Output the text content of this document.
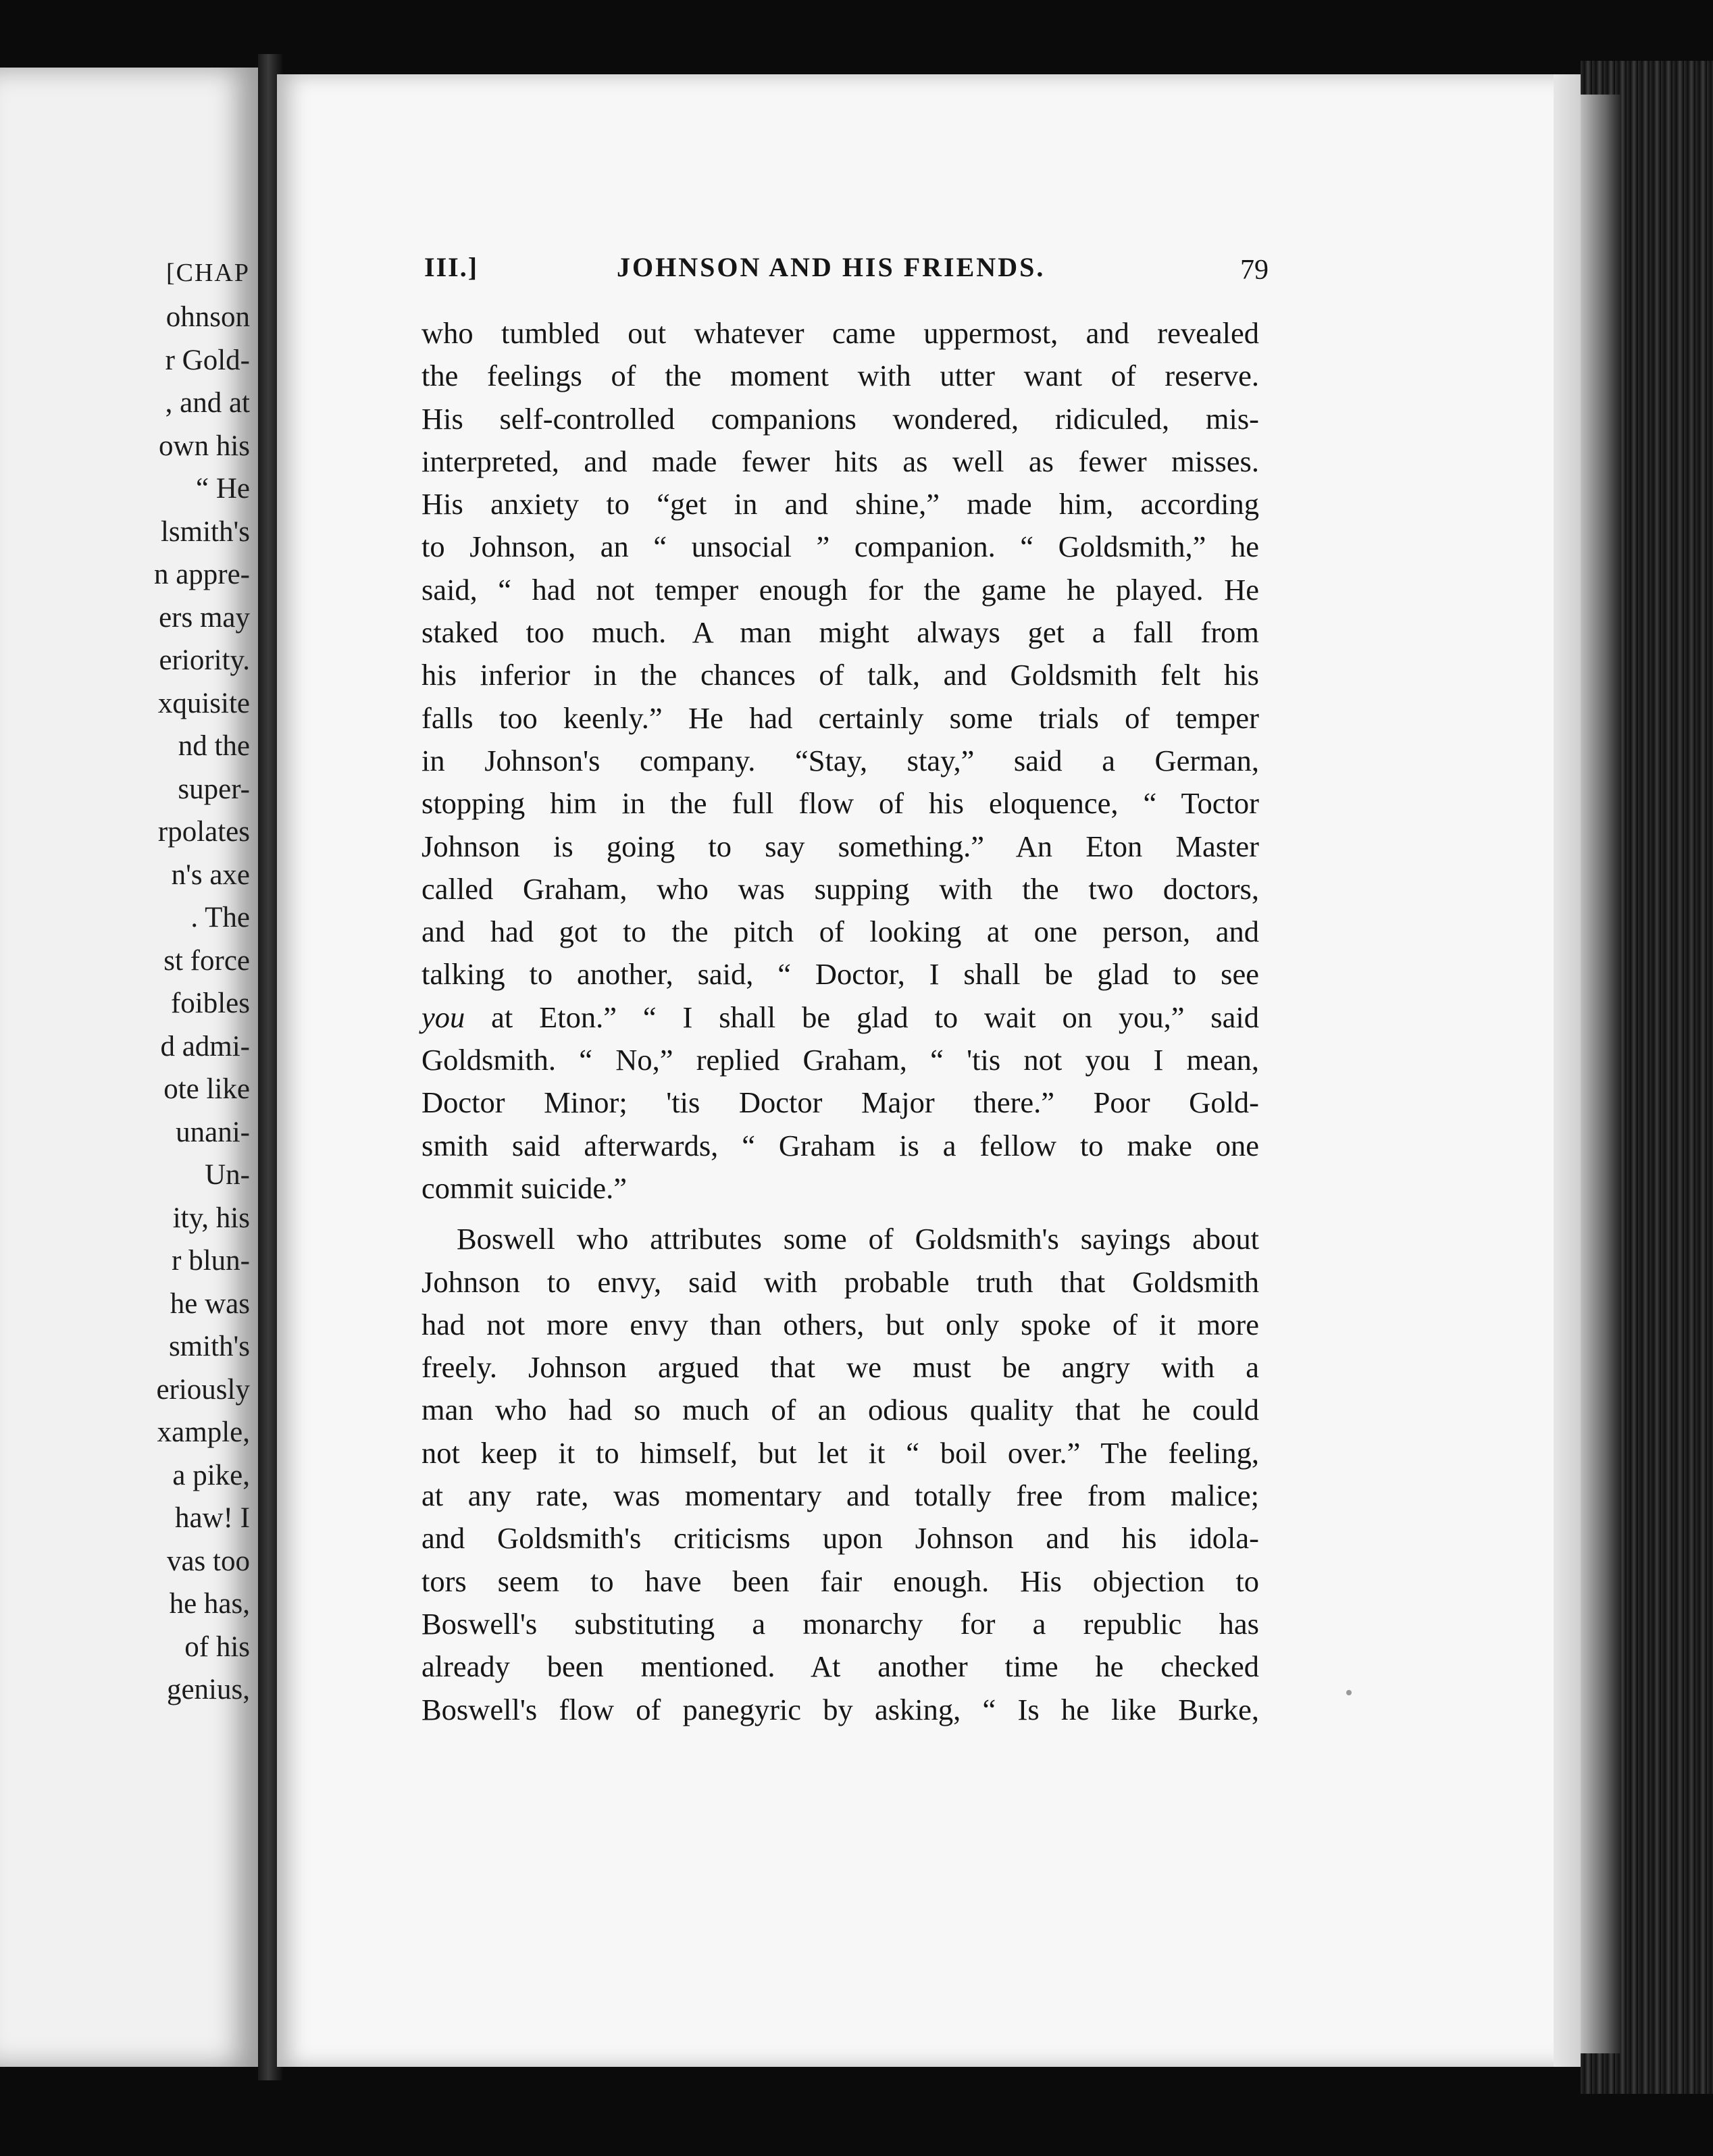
[CHAP
ohnson
r Gold-
, and at
own his
“ He
lsmith's
n appre-
ers may
eriority.
xquisite
nd the
super-
rpolates
n's axe
. The
st force
foibles
d admi-
ote like
unani-
Un-
ity, his
r blun-
he was
smith's
eriously
xample,
a pike,
haw! I
vas too
he has,
of his
genius,
III.]	JOHNSON AND HIS FRIENDS.	79
who tumbled out whatever came uppermost, and revealed
the feelings of the moment with utter want of reserve.
His self-controlled companions wondered, ridiculed, mis-
interpreted, and made fewer hits as well as fewer misses.
His anxiety to “get in and shine,” made him, according
to Johnson, an “ unsocial ” companion. “ Goldsmith,” he
said, “ had not temper enough for the game he played. He
staked too much. A man might always get a fall from
his inferior in the chances of talk, and Goldsmith felt his
falls too keenly.” He had certainly some trials of temper
in Johnson's company. “Stay, stay,” said a German,
stopping him in the full flow of his eloquence, “ Toctor
Johnson is going to say something.” An Eton Master
called Graham, who was supping with the two doctors,
and had got to the pitch of looking at one person, and
talking to another, said, “ Doctor, I shall be glad to see
you at Eton.” “ I shall be glad to wait on you,” said
Goldsmith. “ No,” replied Graham, “ 'tis not you I mean,
Doctor Minor; 'tis Doctor Major there.” Poor Gold-
smith said afterwards, “ Graham is a fellow to make one
commit suicide.”
Boswell who attributes some of Goldsmith's sayings about
Johnson to envy, said with probable truth that Goldsmith
had not more envy than others, but only spoke of it more
freely. Johnson argued that we must be angry with a
man who had so much of an odious quality that he could
not keep it to himself, but let it “ boil over.” The feeling,
at any rate, was momentary and totally free from malice;
and Goldsmith's criticisms upon Johnson and his idola-
tors seem to have been fair enough. His objection to
Boswell's substituting a monarchy for a republic has
already been mentioned. At another time he checked
Boswell's flow of panegyric by asking, “ Is he like Burke,
